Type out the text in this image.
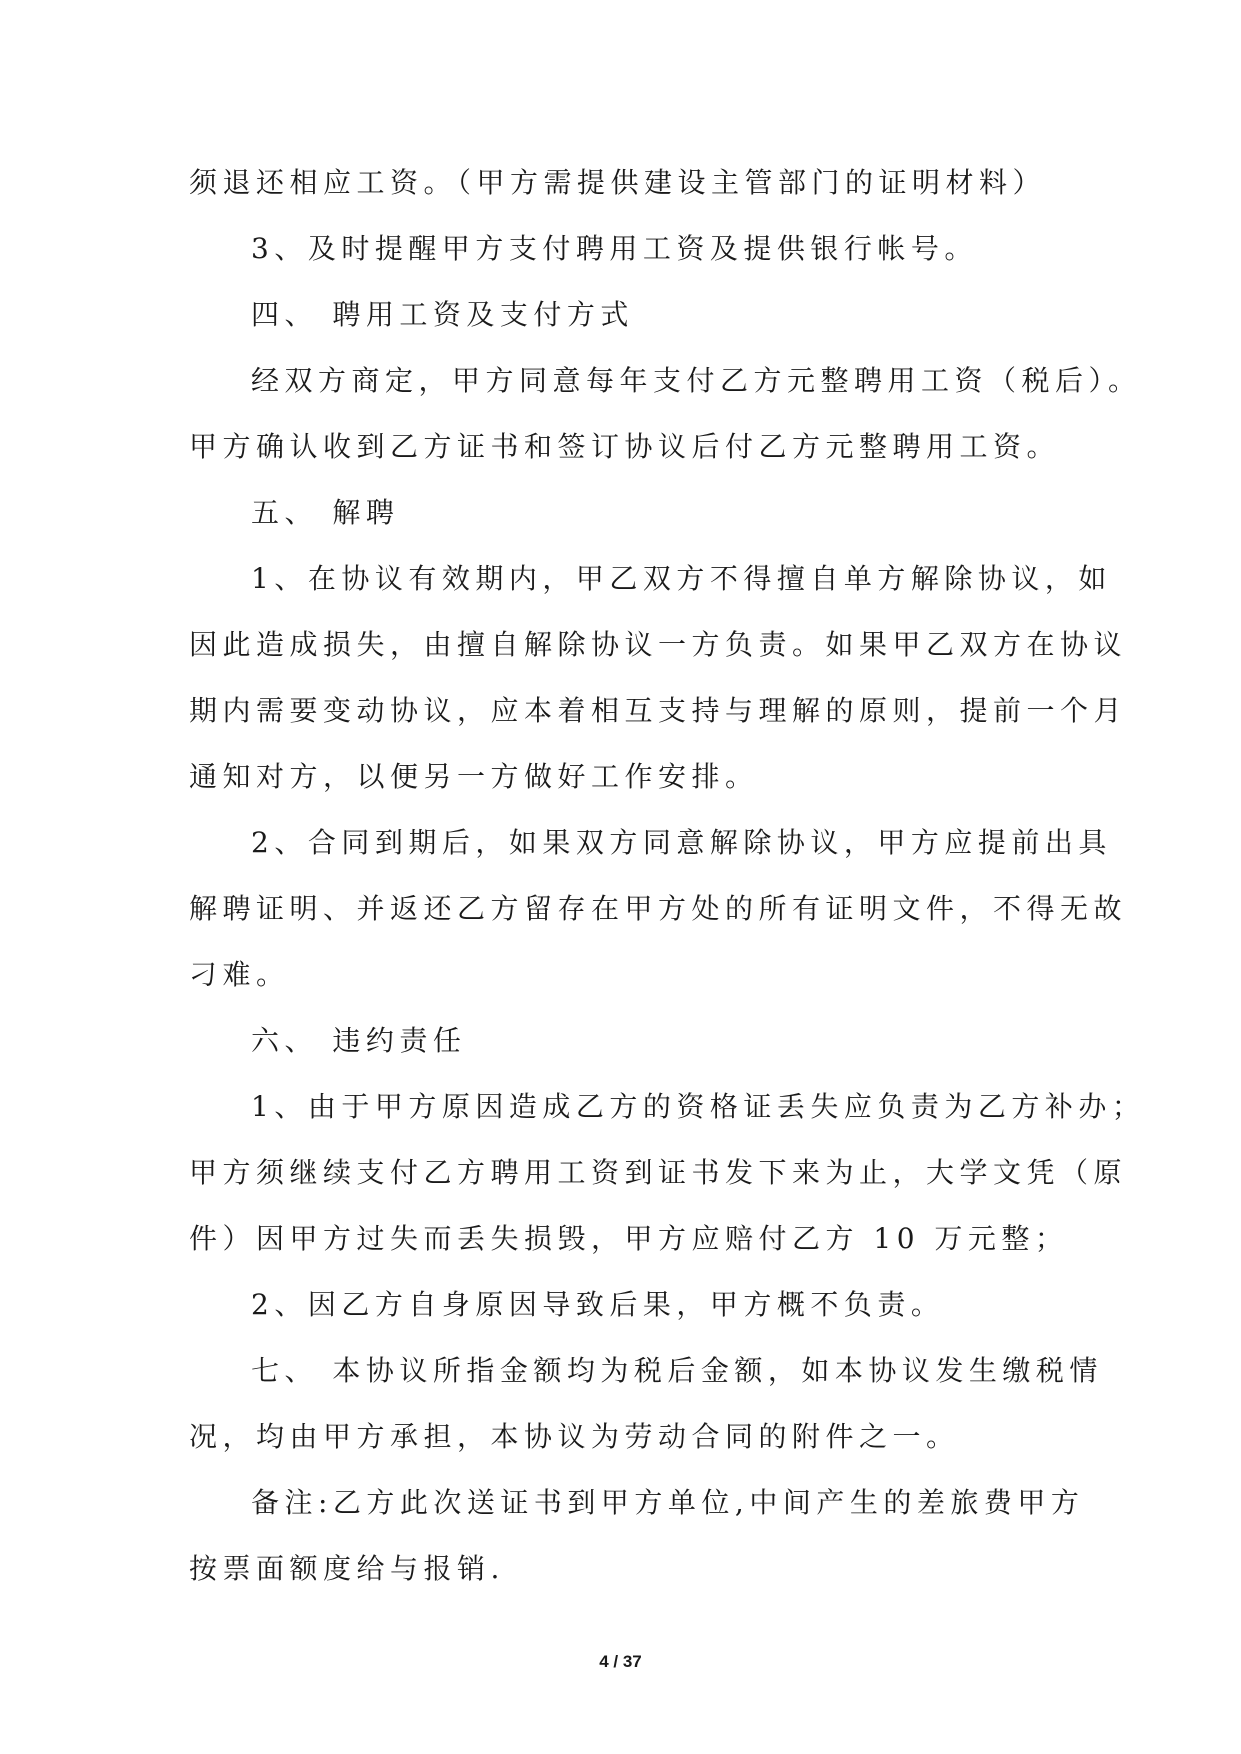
须退还相应工资。（甲方需提供建设主管部门的证明材料）
3、及时提醒甲方支付聘用工资及提供银行帐号。
四、 聘用工资及支付方式
经双方商定，甲方同意每年支付乙方元整聘用工资（税后）。
甲方确认收到乙方证书和签订协议后付乙方元整聘用工资。
五、 解聘
1、在协议有效期内，甲乙双方不得擅自单方解除协议，如
因此造成损失，由擅自解除协议一方负责。如果甲乙双方在协议
期内需要变动协议，应本着相互支持与理解的原则，提前一个月
通知对方，以便另一方做好工作安排。
2、合同到期后，如果双方同意解除协议，甲方应提前出具
解聘证明、并返还乙方留存在甲方处的所有证明文件，不得无故
刁难。
六、 违约责任
1、由于甲方原因造成乙方的资格证丢失应负责为乙方补办；
甲方须继续支付乙方聘用工资到证书发下来为止，大学文凭（原
件）因甲方过失而丢失损毁，甲方应赔付乙方 10 万元整；
2、因乙方自身原因导致后果，甲方概不负责。
七、 本协议所指金额均为税后金额，如本协议发生缴税情
况，均由甲方承担，本协议为劳动合同的附件之一。
备注:乙方此次送证书到甲方单位,中间产生的差旅费甲方
按票面额度给与报销.
4 / 37
